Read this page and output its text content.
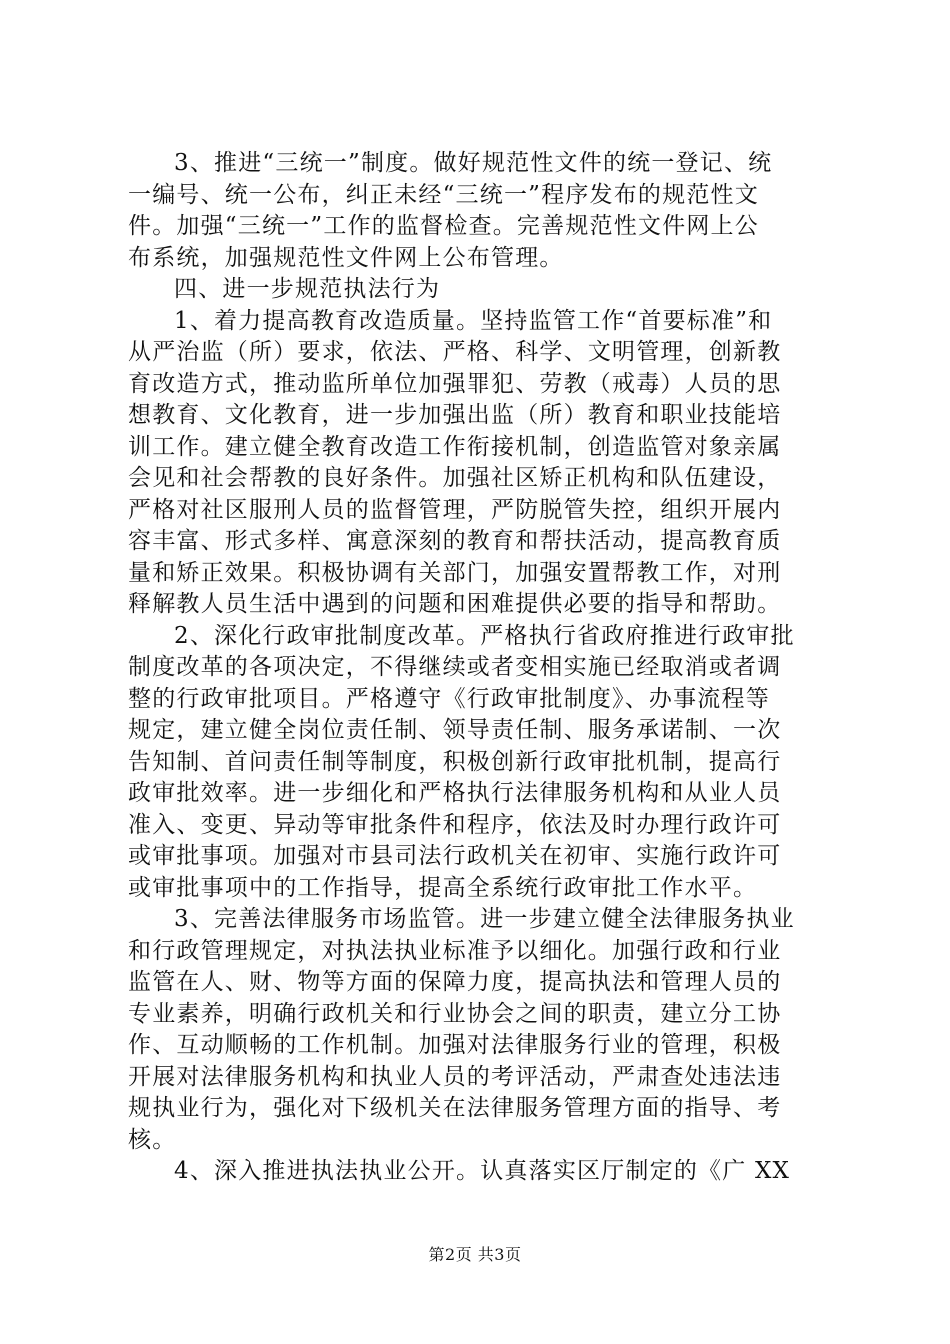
3、推进“三统一”制度。做好规范性文件的统一登记、统
一编号、统一公布，纠正未经“三统一”程序发布的规范性文
件。加强“三统一”工作的监督检查。完善规范性文件网上公
布系统，加强规范性文件网上公布管理。
四、进一步规范执法行为
1、着力提高教育改造质量。坚持监管工作“首要标准”和
从严治监（所）要求，依法、严格、科学、文明管理，创新教
育改造方式，推动监所单位加强罪犯、劳教（戒毒）人员的思
想教育、文化教育，进一步加强出监（所）教育和职业技能培
训工作。建立健全教育改造工作衔接机制，创造监管对象亲属
会见和社会帮教的良好条件。加强社区矫正机构和队伍建设，
严格对社区服刑人员的监督管理，严防脱管失控，组织开展内
容丰富、形式多样、寓意深刻的教育和帮扶活动，提高教育质
量和矫正效果。积极协调有关部门，加强安置帮教工作，对刑
释解教人员生活中遇到的问题和困难提供必要的指导和帮助。
2、深化行政审批制度改革。严格执行省政府推进行政审批
制度改革的各项决定，不得继续或者变相实施已经取消或者调
整的行政审批项目。严格遵守《行政审批制度》、办事流程等
规定，建立健全岗位责任制、领导责任制、服务承诺制、一次
告知制、首问责任制等制度，积极创新行政审批机制，提高行
政审批效率。进一步细化和严格执行法律服务机构和从业人员
准入、变更、异动等审批条件和程序，依法及时办理行政许可
或审批事项。加强对市县司法行政机关在初审、实施行政许可
或审批事项中的工作指导，提高全系统行政审批工作水平。
3、完善法律服务市场监管。进一步建立健全法律服务执业
和行政管理规定，对执法执业标准予以细化。加强行政和行业
监管在人、财、物等方面的保障力度，提高执法和管理人员的
专业素养，明确行政机关和行业协会之间的职责，建立分工协
作、互动顺畅的工作机制。加强对法律服务行业的管理，积极
开展对法律服务机构和执业人员的考评活动，严肃查处违法违
规执业行为，强化对下级机关在法律服务管理方面的指导、考
核。
4、深入推进执法执业公开。认真落实区厅制定的《广 XX
第2页 共3页
